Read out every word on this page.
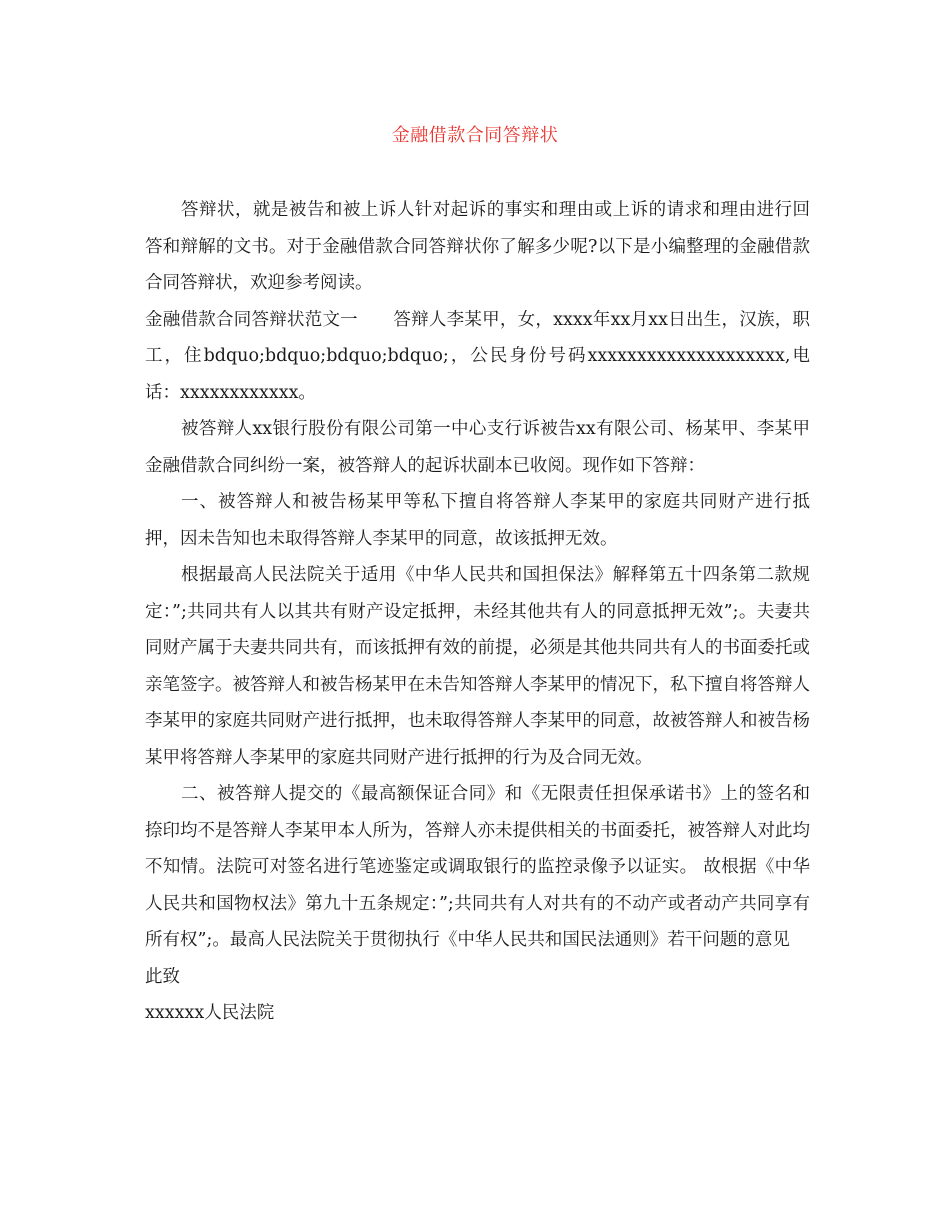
金融借款合同答辩状

答辩状，就是被告和被上诉人针对起诉的事实和理由或上诉的请求和理由进行回答和辩解的文书。对于金融借款合同答辩状你了解多少呢?以下是小编整理的金融借款合同答辩状，欢迎参考阅读。

金融借款合同答辩状范文一　　答辩人李某甲，女，xxxx年xx月xx日出生，汉族，职工，住bdquo;bdquo;bdquo;bdquo;，公民身份号码xxxxxxxxxxxxxxxxxxxx,电话：xxxxxxxxxxxx。

被答辩人xx银行股份有限公司第一中心支行诉被告xx有限公司、杨某甲、李某甲金融借款合同纠纷一案，被答辩人的起诉状副本已收阅。现作如下答辩：

一、被答辩人和被告杨某甲等私下擅自将答辩人李某甲的家庭共同财产进行抵押，因未告知也未取得答辩人李某甲的同意，故该抵押无效。

根据最高人民法院关于适用《中华人民共和国担保法》解释第五十四条第二款规定：”;共同共有人以其共有财产设定抵押，未经其他共有人的同意抵押无效”;。夫妻共同财产属于夫妻共同共有，而该抵押有效的前提，必须是其他共同共有人的书面委托或亲笔签字。被答辩人和被告杨某甲在未告知答辩人李某甲的情况下，私下擅自将答辩人李某甲的家庭共同财产进行抵押，也未取得答辩人李某甲的同意，故被答辩人和被告杨某甲将答辩人李某甲的家庭共同财产进行抵押的行为及合同无效。

二、被答辩人提交的《最高额保证合同》和《无限责任担保承诺书》上的签名和捺印均不是答辩人李某甲本人所为，答辩人亦未提供相关的书面委托，被答辩人对此均不知情。法院可对签名进行笔迹鉴定或调取银行的监控录像予以证实。 故根据《中华人民共和国物权法》第九十五条规定：”;共同共有人对共有的不动产或者动产共同享有所有权”;。最高人民法院关于贯彻执行《中华人民共和国民法通则》若干问题的意见

此致

xxxxxx人民法院
